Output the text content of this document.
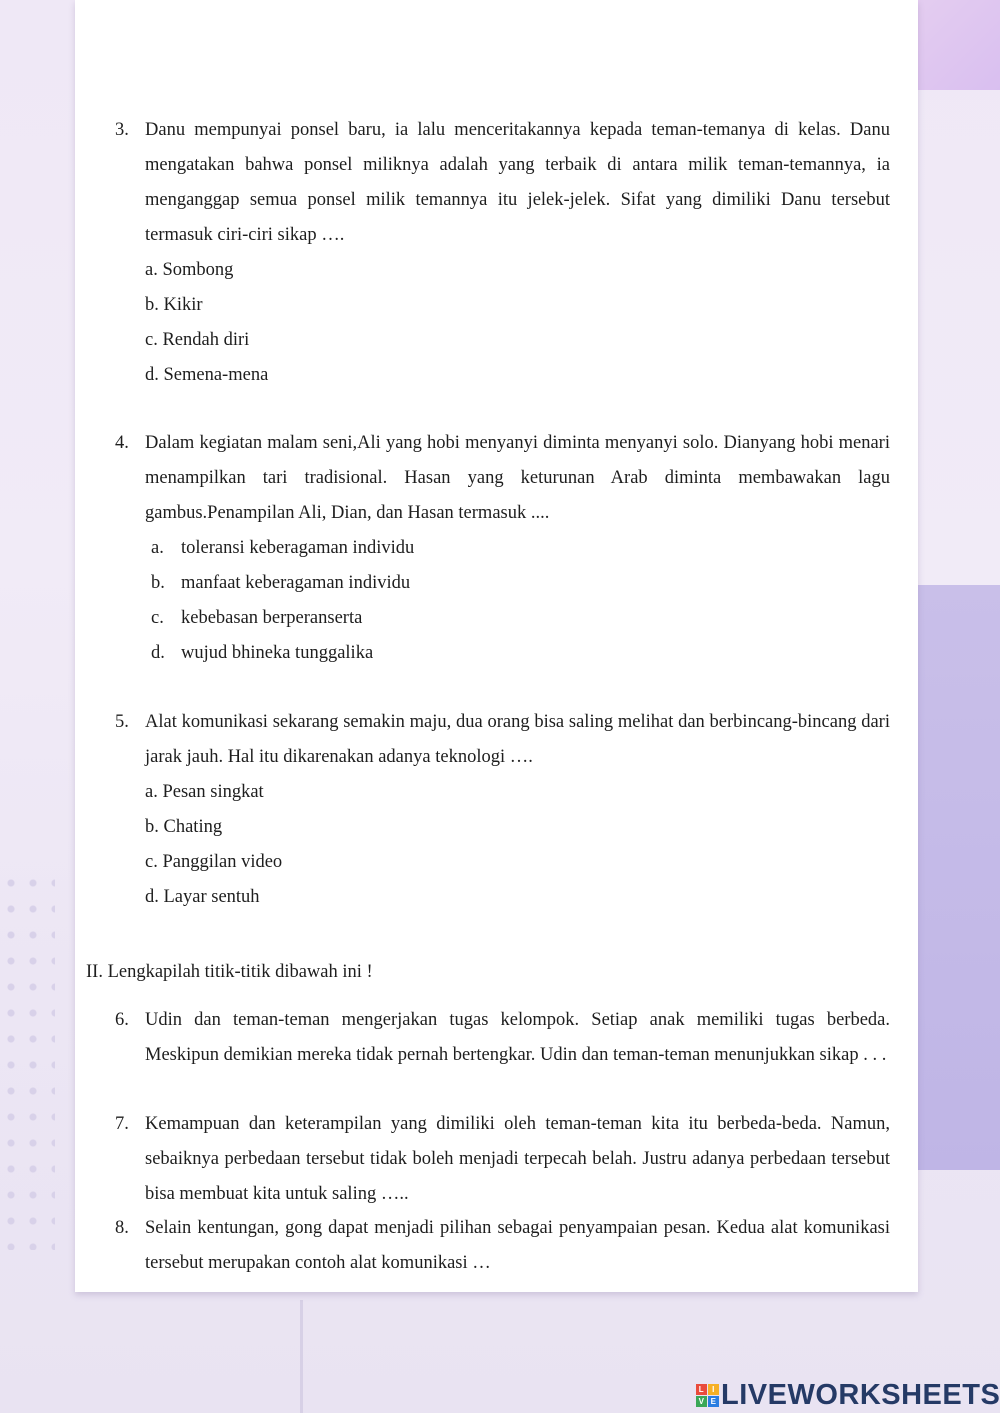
3. Danu mempunyai ponsel baru, ia lalu menceritakannya kepada teman-temanya di kelas. Danu mengatakan bahwa ponsel miliknya adalah yang terbaik di antara milik teman-temannya, ia menganggap semua ponsel milik temannya itu jelek-jelek. Sifat yang dimiliki Danu tersebut termasuk ciri-ciri sikap ….
a. Sombong
b. Kikir
c. Rendah diri
d. Semena-mena
4. Dalam kegiatan malam seni,Ali yang hobi menyanyi diminta menyanyi solo. Dianyang hobi menari menampilkan tari tradisional. Hasan yang keturunan Arab diminta membawakan lagu gambus.Penampilan Ali, Dian, dan Hasan termasuk ....
a. toleransi keberagaman individu
b. manfaat keberagaman individu
c. kebebasan berperanserta
d. wujud bhineka tunggalika
5. Alat komunikasi sekarang semakin maju, dua orang bisa saling melihat dan berbincang-bincang dari jarak jauh. Hal itu dikarenakan adanya teknologi ….
a. Pesan singkat
b. Chating
c. Panggilan video
d. Layar sentuh
II. Lengkapilah titik-titik dibawah ini !
6. Udin dan teman-teman mengerjakan tugas kelompok. Setiap anak memiliki tugas berbeda. Meskipun demikian mereka tidak pernah bertengkar. Udin dan teman-teman menunjukkan sikap . . .
7. Kemampuan dan keterampilan yang dimiliki oleh teman-teman kita itu berbeda-beda. Namun, sebaiknya perbedaan tersebut tidak boleh menjadi terpecah belah. Justru adanya perbedaan tersebut bisa membuat kita untuk saling …..
8. Selain kentungan, gong dapat menjadi pilihan sebagai penyampaian pesan. Kedua alat komunikasi tersebut merupakan contoh alat komunikasi …
L I
V E LIVEWORKSHEETS
